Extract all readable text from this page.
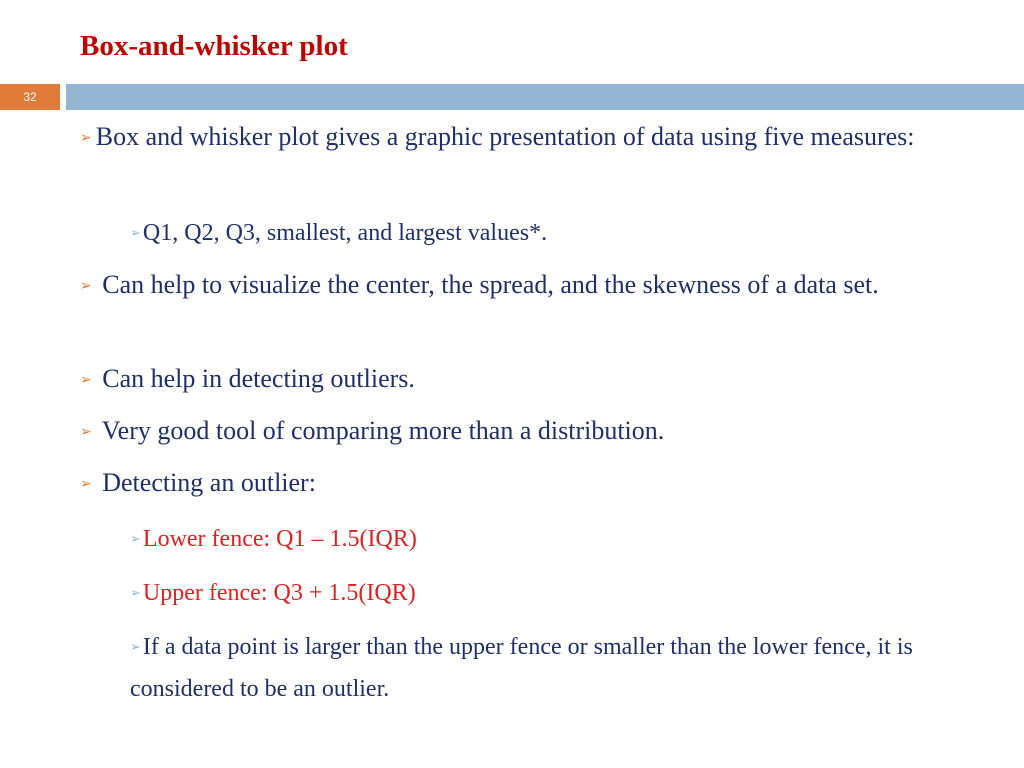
Box-and-whisker plot
32

➢ Box and whisker plot gives a graphic presentation of data using five measures:

➢Q1, Q2, Q3, smallest, and largest values*.

➢ Can help to visualize the center, the spread, and the skewness of a data set.

➢ Can help in detecting outliers.

➢ Very good tool of comparing more than a distribution.

➢ Detecting an outlier:

➢Lower fence: Q1 – 1.5(IQR)

➢Upper fence: Q3 + 1.5(IQR)

➢If a data point is larger than the upper fence or smaller than the lower fence, it is considered to be an outlier.
